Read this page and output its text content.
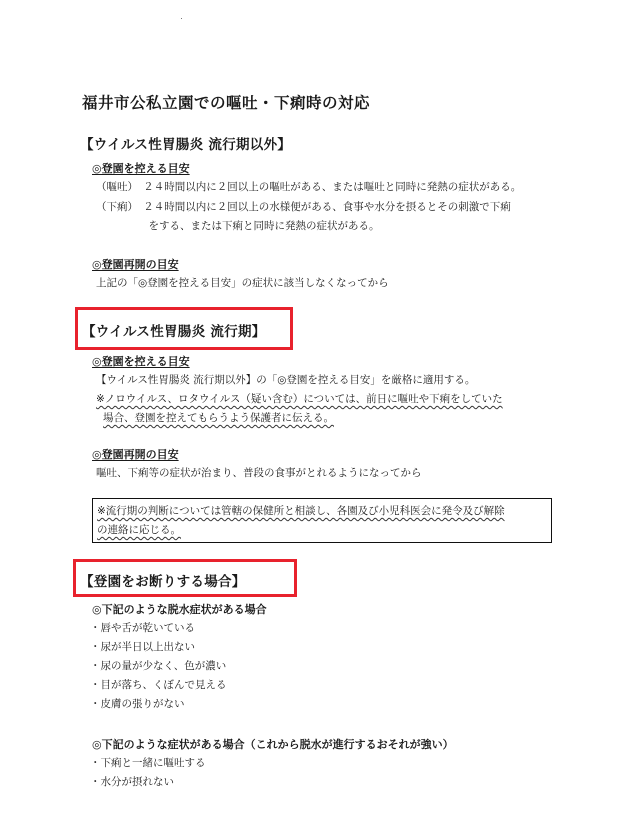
福井市公私立園での嘔吐・下痢時の対応
【ウイルス性胃腸炎 流行期以外】
◎登園を控える目安
（嘔吐）　２４時間以内に２回以上の嘔吐がある、または嘔吐と同時に発熱の症状がある。
（下痢）　２４時間以内に２回以上の水様便がある、食事や水分を摂るとその刺激で下痢
　　　　　をする、または下痢と同時に発熱の症状がある。
◎登園再開の目安
上記の「◎登園を控える目安」の症状に該当しなくなってから
【ウイルス性胃腸炎 流行期】
◎登園を控える目安
【ウイルス性胃腸炎 流行期以外】の「◎登園を控える目安」を厳格に適用する。
※ノロウイルス、ロタウイルス（疑い含む）については、前日に嘔吐や下痢をしていた
場合、登園を控えてもらうよう保護者に伝える。
◎登園再開の目安
嘔吐、下痢等の症状が治まり、普段の食事がとれるようになってから
※流行期の判断については管轄の保健所と相談し、各園及び小児科医会に発令及び解除
の連絡に応じる。
【登園をお断りする場合】
◎下記のような脱水症状がある場合
・唇や舌が乾いている
・尿が半日以上出ない
・尿の量が少なく、色が濃い
・目が落ち、くぼんで見える
・皮膚の張りがない
◎下記のような症状がある場合（これから脱水が進行するおそれが強い）
・下痢と一緒に嘔吐する
・水分が摂れない
